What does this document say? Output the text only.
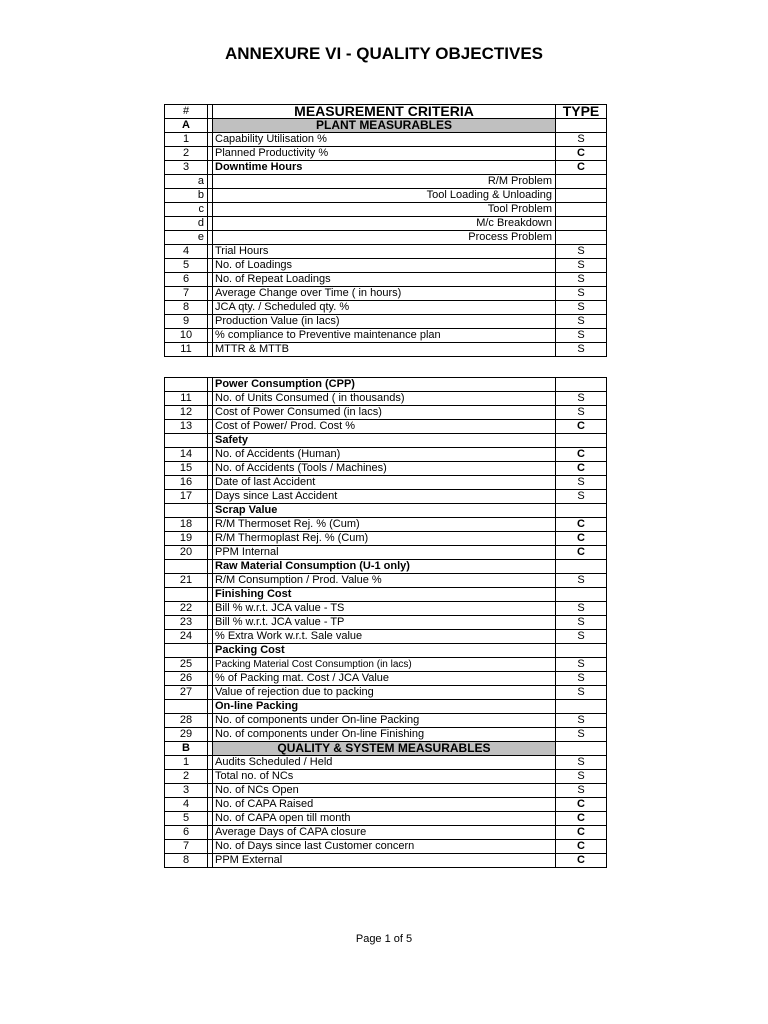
ANNEXURE VI - QUALITY OBJECTIVES
#		MEASUREMENT CRITERIA	TYPE
A		PLANT MEASURABLES	
1		Capability Utilisation %	S
2		Planned Productivity %	C
3		Downtime Hours	C
a		R/M Problem	
b		Tool Loading & Unloading	
c		Tool Problem	
d		M/c Breakdown	
e		Process Problem	
4		Trial Hours	S
5		No. of Loadings	S
6		No. of Repeat Loadings	S
7		Average Change over Time ( in hours)	S
8		JCA qty. / Scheduled qty. %	S
9		Production Value (in lacs)	S
10		% compliance to Preventive maintenance plan	S
11		MTTR & MTTB	S
		Power Consumption (CPP)	
11		No. of Units Consumed ( in thousands)	S
12		Cost of Power Consumed (in lacs)	S
13		Cost of Power/ Prod. Cost %	C
		Safety	
14		No. of Accidents (Human)	C
15		No. of Accidents (Tools / Machines)	C
16		Date of last Accident	S
17		Days since Last Accident	S
		Scrap Value	
18		R/M Thermoset Rej. % (Cum)	C
19		R/M Thermoplast Rej. % (Cum)	C
20		PPM Internal	C
		Raw Material Consumption (U-1 only)	
21		R/M Consumption / Prod. Value %	S
		Finishing Cost	
22		Bill % w.r.t. JCA value - TS	S
23		Bill % w.r.t. JCA value - TP	S
24		% Extra Work w.r.t. Sale value	S
		Packing Cost	
25		Packing Material Cost Consumption (in lacs)	S
26		% of Packing mat. Cost / JCA Value	S
27		Value of rejection due to packing	S
		On-line Packing	
28		No. of components under On-line Packing	S
29		No. of components under On-line Finishing	S
B		QUALITY & SYSTEM MEASURABLES	
1		Audits Scheduled / Held	S
2		Total no. of NCs	S
3		No. of NCs Open	S
4		No. of CAPA Raised	C
5		No. of CAPA open till month	C
6		Average Days of CAPA closure	C
7		No. of Days since last Customer concern	C
8		PPM External	C
Page 1 of 5
